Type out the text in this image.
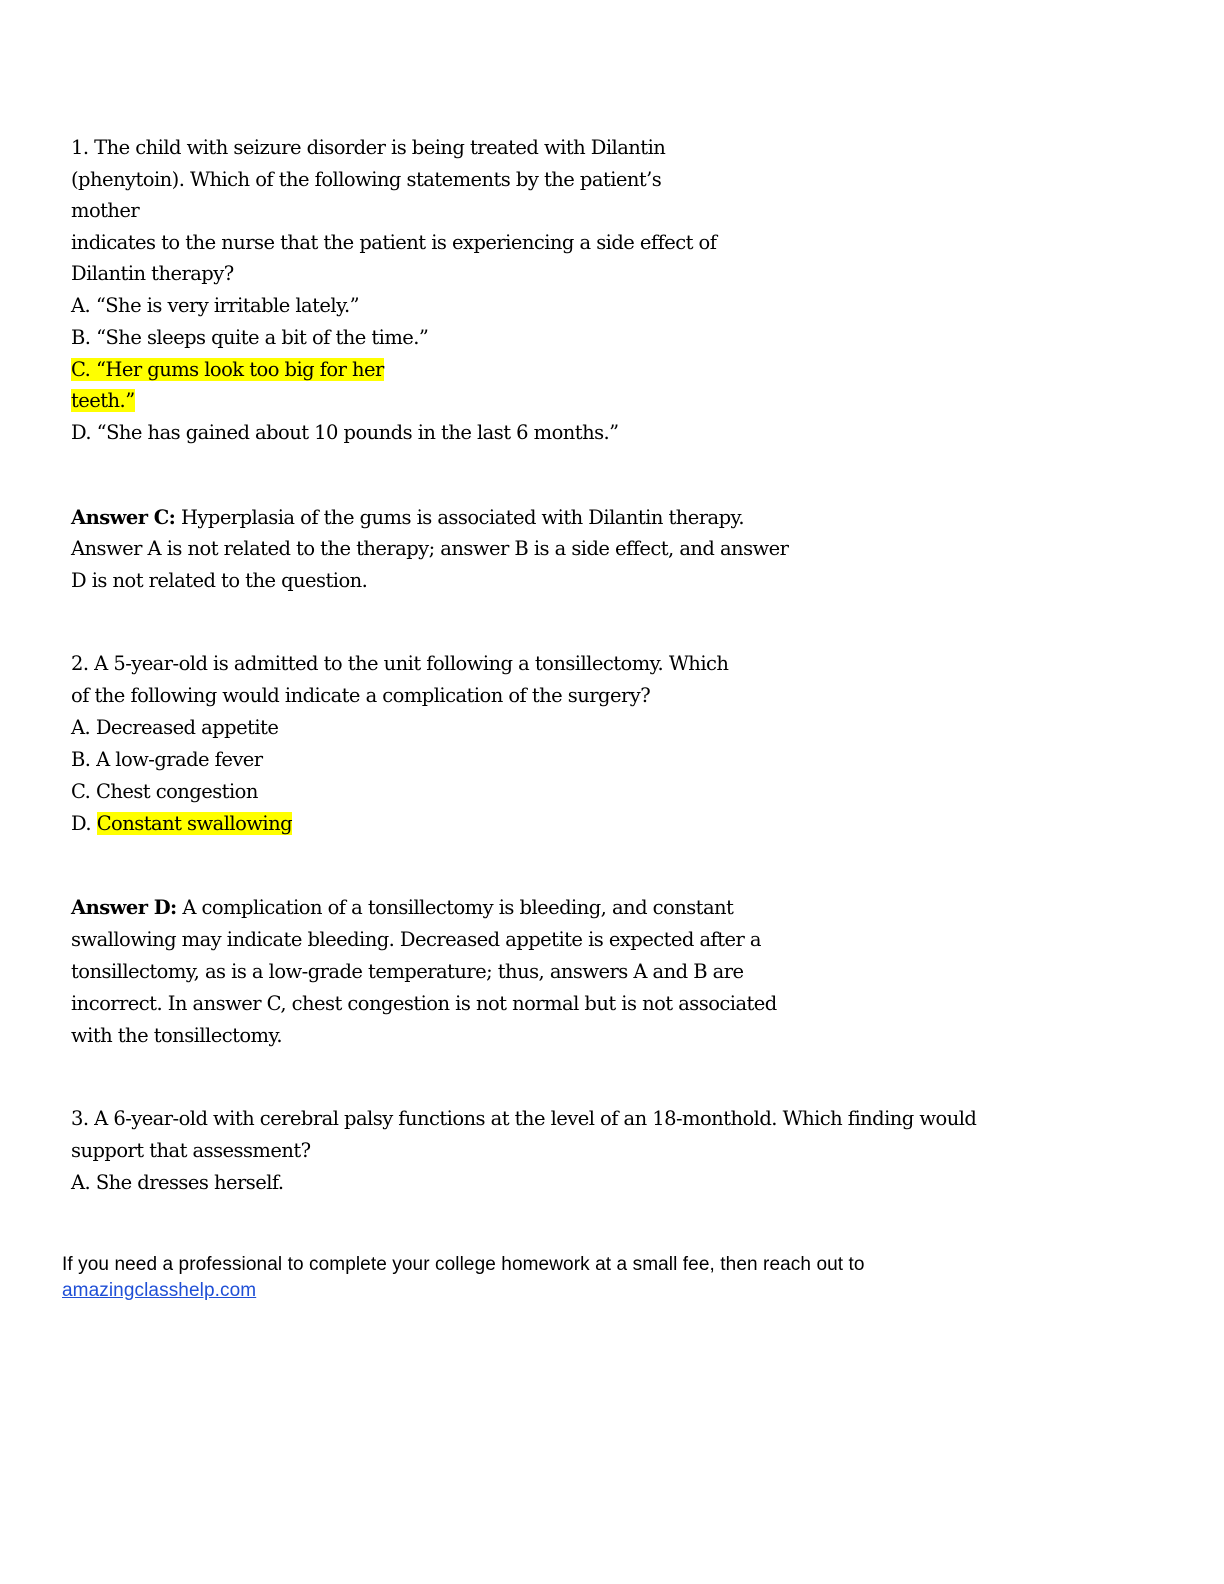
1. The child with seizure disorder is being treated with Dilantin
(phenytoin). Which of the following statements by the patient’s
mother
indicates to the nurse that the patient is experiencing a side effect of
Dilantin therapy?
A. “She is very irritable lately.”
B. “She sleeps quite a bit of the time.”
C. “Her gums look too big for her
teeth.”
D. “She has gained about 10 pounds in the last 6 months.”
Answer C: Hyperplasia of the gums is associated with Dilantin therapy.
Answer A is not related to the therapy; answer B is a side effect, and answer
D is not related to the question.
2. A 5-year-old is admitted to the unit following a tonsillectomy. Which
of the following would indicate a complication of the surgery?
A. Decreased appetite
B. A low-grade fever
C. Chest congestion
D. Constant swallowing
Answer D: A complication of a tonsillectomy is bleeding, and constant
swallowing may indicate bleeding. Decreased appetite is expected after a
tonsillectomy, as is a low-grade temperature; thus, answers A and B are
incorrect. In answer C, chest congestion is not normal but is not associated
with the tonsillectomy.
3. A 6-year-old with cerebral palsy functions at the level of an 18-monthold. Which finding would
support that assessment?
A. She dresses herself.
If you need a professional to complete your college homework at a small fee, then reach out to
amazingclasshelp.com
